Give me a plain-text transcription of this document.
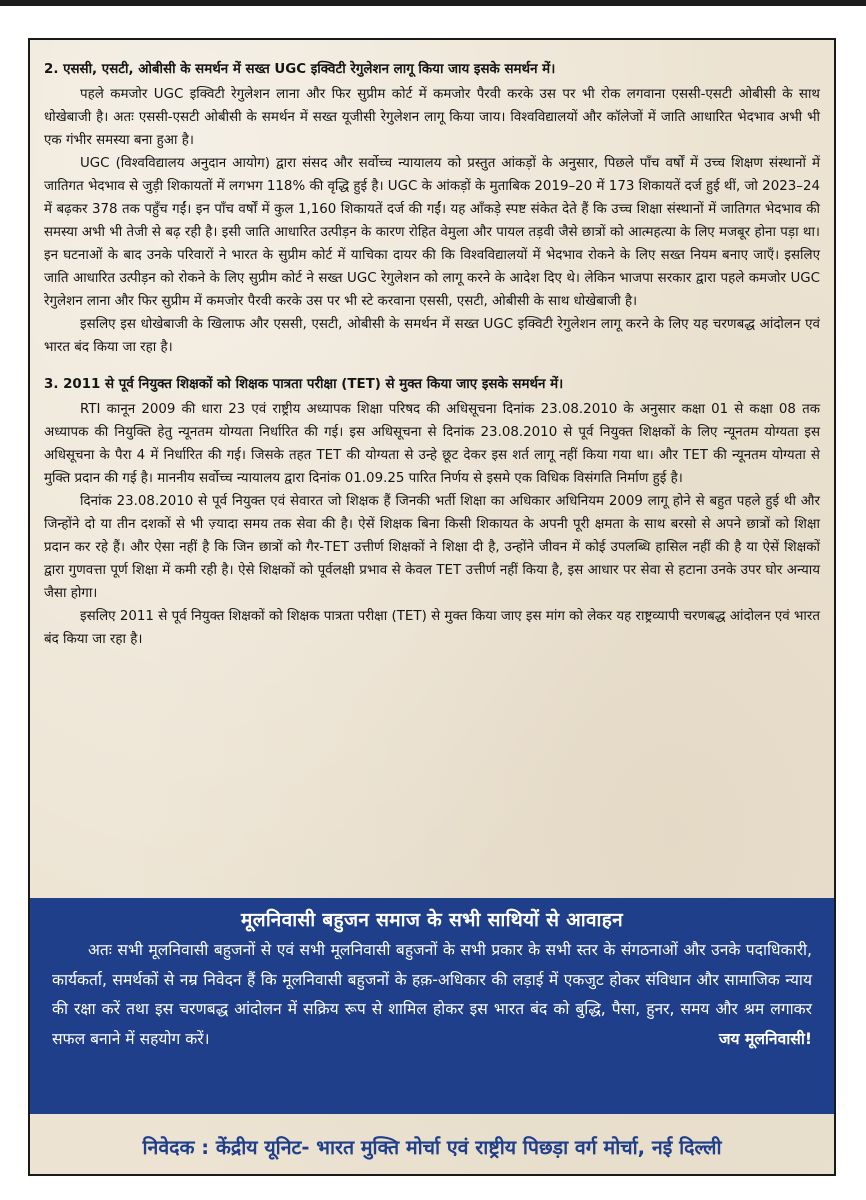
2. एससी, एसटी, ओबीसी के समर्थन में सख्त UGC इक्विटी रेगुलेशन लागू किया जाय इसके समर्थन में।

पहले कमजोर UGC इक्विटी रेगुलेशन लाना और फिर सुप्रीम कोर्ट में कमजोर पैरवी करके उस पर भी रोक लगवाना एससी-एसटी ओबीसी के साथ धोखेबाजी है। अतः एससी-एसटी ओबीसी के समर्थन में सख्त यूजीसी रेगुलेशन लागू किया जाय। विश्वविद्यालयों और कॉलेजों में जाति आधारित भेदभाव अभी भी एक गंभीर समस्या बना हुआ है।

UGC (विश्वविद्यालय अनुदान आयोग) द्वारा संसद और सर्वोच्च न्यायालय को प्रस्तुत आंकड़ों के अनुसार, पिछले पाँच वर्षों में उच्च शिक्षण संस्थानों में जातिगत भेदभाव से जुड़ी शिकायतों में लगभग 118% की वृद्धि हुई है। UGC के आंकड़ों के मुताबिक 2019–20 में 173 शिकायतें दर्ज हुई थीं, जो 2023–24 में बढ़कर 378 तक पहुँच गईं। इन पाँच वर्षों में कुल 1,160 शिकायतें दर्ज की गईं। यह आँकड़े स्पष्ट संकेत देते हैं कि उच्च शिक्षा संस्थानों में जातिगत भेदभाव की समस्या अभी भी तेजी से बढ़ रही है। इसी जाति आधारित उत्पीड़न के कारण रोहित वेमुला और पायल तड़वी जैसे छात्रों को आत्महत्या के लिए मजबूर होना पड़ा था। इन घटनाओं के बाद उनके परिवारों ने भारत के सुप्रीम कोर्ट में याचिका दायर की कि विश्वविद्यालयों में भेदभाव रोकने के लिए सख्त नियम बनाए जाएँ। इसलिए जाति आधारित उत्पीड़न को रोकने के लिए सुप्रीम कोर्ट ने सख्त UGC रेगुलेशन को लागू करने के आदेश दिए थे। लेकिन भाजपा सरकार द्वारा पहले कमजोर UGC रेगुलेशन लाना और फिर सुप्रीम में कमजोर पैरवी करके उस पर भी स्टे करवाना एससी, एसटी, ओबीसी के साथ धोखेबाजी है।

इसलिए इस धोखेबाजी के खिलाफ और एससी, एसटी, ओबीसी के समर्थन में सख्त UGC इक्विटी रेगुलेशन लागू करने के लिए यह चरणबद्ध आंदोलन एवं भारत बंद किया जा रहा है।

3. 2011 से पूर्व नियुक्त शिक्षकों को शिक्षक पात्रता परीक्षा (TET) से मुक्त किया जाए इसके समर्थन में।

RTI कानून 2009 की धारा 23 एवं राष्ट्रीय अध्यापक शिक्षा परिषद की अधिसूचना दिनांक 23.08.2010 के अनुसार कक्षा 01 से कक्षा 08 तक अध्यापक की नियुक्ति हेतु न्यूनतम योग्यता निर्धारित की गई। इस अधिसूचना से दिनांक 23.08.2010 से पूर्व नियुक्त शिक्षकों के लिए न्यूनतम योग्यता इस अधिसूचना के पैरा 4 में निर्धारित की गई। जिसके तहत TET की योग्यता से उन्हे छूट देकर इस शर्त लागू नहीं किया गया था। और TET की न्यूनतम योग्यता से मुक्ति प्रदान की गई है। माननीय सर्वोच्च न्यायालय द्वारा दिनांक 01.09.25 पारित निर्णय से इसमे एक विधिक विसंगति निर्माण हुई है।

दिनांक 23.08.2010 से पूर्व नियुक्त एवं सेवारत जो शिक्षक हैं जिनकी भर्ती शिक्षा का अधिकार अधिनियम 2009 लागू होने से बहुत पहले हुई थी और जिन्होंने दो या तीन दशकों से भी ज़्यादा समय तक सेवा की है। ऐसें शिक्षक बिना किसी शिकायत के अपनी पूरी क्षमता के साथ बरसो से अपने छात्रों को शिक्षा प्रदान कर रहे हैं। और ऐसा नहीं है कि जिन छात्रों को गैर-TET उत्तीर्ण शिक्षकों ने शिक्षा दी है, उन्होंने जीवन में कोई उपलब्धि हासिल नहीं की है या ऐसें शिक्षकों द्वारा गुणवत्ता पूर्ण शिक्षा में कमी रही है। ऐसे शिक्षकों को पूर्वलक्षी प्रभाव से केवल TET उत्तीर्ण नहीं किया है, इस आधार पर सेवा से हटाना उनके उपर घोर अन्याय जैसा होगा।

इसलिए 2011 से पूर्व नियुक्त शिक्षकों को शिक्षक पात्रता परीक्षा (TET) से मुक्त किया जाए इस मांग को लेकर यह राष्ट्रव्यापी चरणबद्ध आंदोलन एवं भारत बंद किया जा रहा है।

मूलनिवासी बहुजन समाज के सभी साथियों से आवाहन

अतः सभी मूलनिवासी बहुजनों से एवं सभी मूलनिवासी बहुजनों के सभी प्रकार के सभी स्तर के संगठनाओं और उनके पदाधिकारी, कार्यकर्ता, समर्थकों से नम्र निवेदन हैं कि मूलनिवासी बहुजनों के हक़-अधिकार की लड़ाई में एकजुट होकर संविधान और सामाजिक न्याय की रक्षा करें तथा इस चरणबद्ध आंदोलन में सक्रिय रूप से शामिल होकर इस भारत बंद को बुद्धि, पैसा, हुनर, समय और श्रम लगाकर सफल बनाने में सहयोग करें।	जय मूलनिवासी!

निवेदक : केंद्रीय यूनिट- भारत मुक्ति मोर्चा एवं राष्ट्रीय पिछड़ा वर्ग मोर्चा, नई दिल्ली
